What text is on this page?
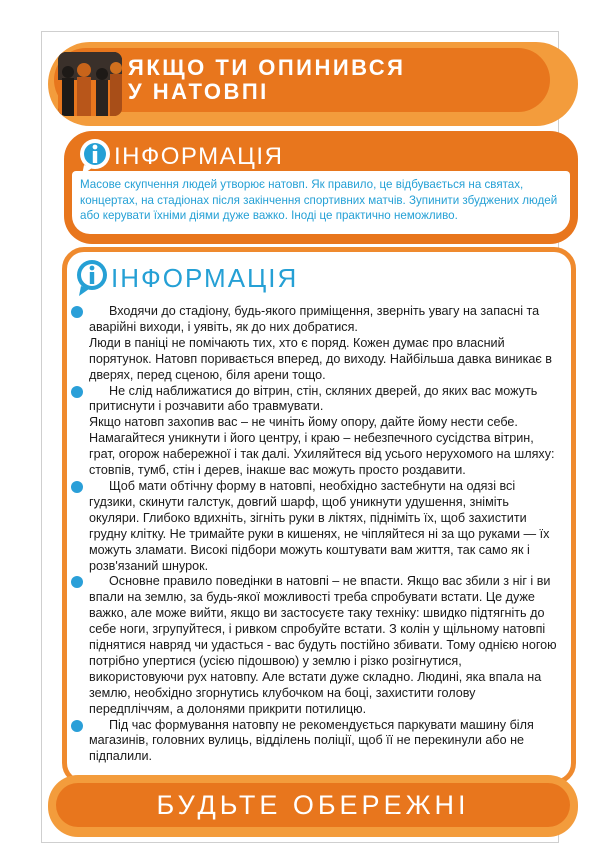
ЯКЩО ТИ ОПИНИВСЯ
У НАТОВПІ
ІНФОРМАЦІЯ
Масове скупчення людей утворює натовп. Як правило, це відбувається на святах, концертах, на стадіонах після закінчення спортивних матчів. Зупинити збуджених людей або керувати їхніми діями дуже важко. Іноді це практично неможливо.
ІНФОРМАЦІЯ

Входячи до стадіону, будь-якого приміщення, зверніть увагу на запасні та аварійні виходи, і уявіть, як до них добратися.

Люди в паніці не помічають тих, хто є поряд. Кожен думає про власний порятунок. Натовп поривається вперед, до виходу. Найбільша давка виникає в дверях, перед сценою, біля арени тощо.

Не слід наближатися до вітрин, стін, скляних дверей, до яких вас можуть притиснути і розчавити або травмувати.

Якщо натовп захопив вас – не чиніть йому опору, дайте йому нести себе. Намагайтеся уникнути і його центру, і краю – небезпечного сусідства вітрин, грат, огорож набережної і так далі. Ухиляйтеся від усього нерухомого на шляху: стовпів, тумб, стін і дерев, інакше вас можуть просто роздавити.

Щоб мати обтічну форму в натовпі, необхідно застебнути на одязі всі гудзики, скинути галстук, довгий шарф, щоб уникнути удушення, зніміть окуляри. Глибоко вдихніть, зігніть руки в ліктях, підніміть їх, щоб захистити грудну клітку. Не тримайте руки в кишенях, не чіпляйтеся ні за що руками — їх можуть зламати. Високі підбори можуть коштувати вам життя, так само як і розв'язаний шнурок.

Основне правило поведінки в натовпі – не впасти. Якщо вас збили з ніг і ви впали на землю, за будь-якої можливості треба спробувати встати. Це дуже важко, але може вийти, якщо ви застосуєте таку техніку: швидко підтягніть до себе ноги, згрупуйтеся, і ривком спробуйте встати. З колін у щільному натовпі піднятися навряд чи удасться - вас будуть постійно збивати. Тому однією ногою потрібно упертися (усією підошвою) у землю і різко розігнутися, використовуючи рух натовпу. Але встати дуже складно. Людині, яка впала на землю, необхідно згорнутись клубочком на боці, захистити голову передпліччям, а долонями прикрити потилицю.

Під час формування натовпу не рекомендується паркувати машину біля магазинів, головних вулиць, відділень поліції, щоб її не перекинули або не підпалили.

БУДЬТЕ ОБЕРЕЖНІ
